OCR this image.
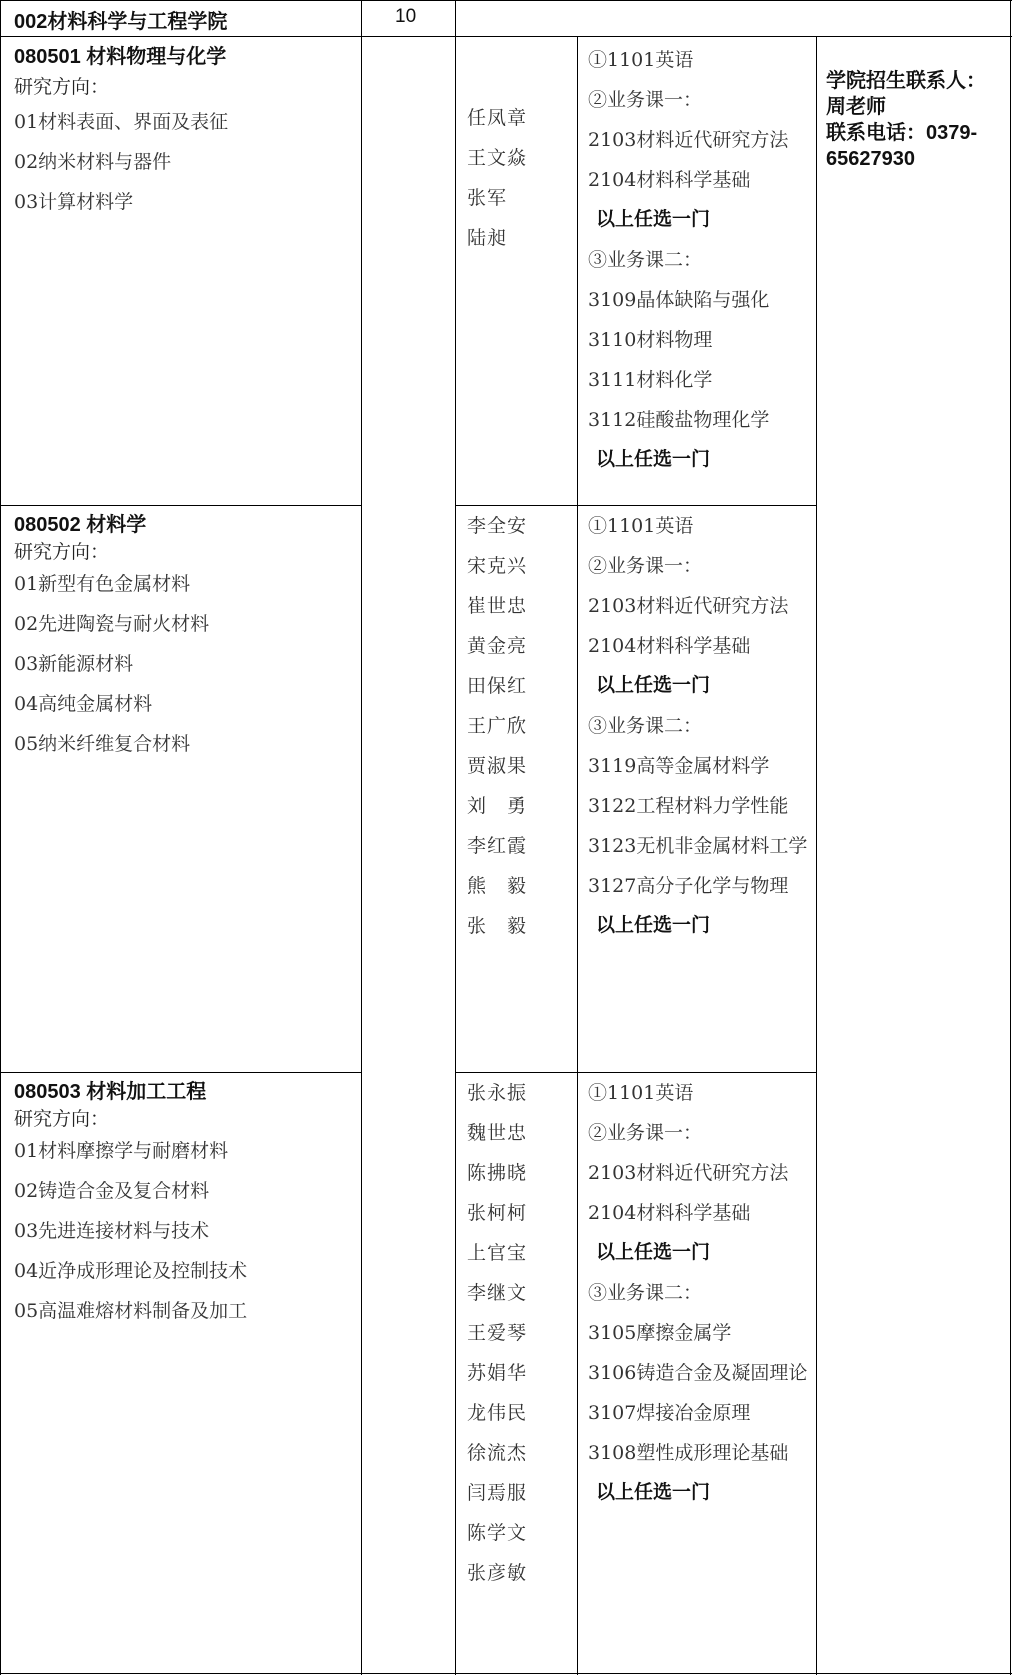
002材料科学与工程学院	10
学院招生联系人：
周老师
联系电话：0379-65627930
080501 材料物理与化学
研究方向：
01材料表面、界面及表征
02纳米材料与器件
03计算材料学
任凤章
王文焱
张军
陆昶
①1101英语
②业务课一：
2103材料近代研究方法
2104材料科学基础
以上任选一门
③业务课二：
3109晶体缺陷与强化
3110材料物理
3111材料化学
3112硅酸盐物理化学
以上任选一门
080502 材料学
研究方向：
01新型有色金属材料
02先进陶瓷与耐火材料
03新能源材料
04高纯金属材料
05纳米纤维复合材料
李全安
宋克兴
崔世忠
黄金亮
田保红
王广欣
贾淑果
刘　勇
李红霞
熊　毅
张　毅
①1101英语
②业务课一：
2103材料近代研究方法
2104材料科学基础
以上任选一门
③业务课二：
3119高等金属材料学
3122工程材料力学性能
3123无机非金属材料工学
3127高分子化学与物理
以上任选一门
080503 材料加工工程
研究方向：
01材料摩擦学与耐磨材料
02铸造合金及复合材料
03先进连接材料与技术
04近净成形理论及控制技术
05高温难熔材料制备及加工
张永振
魏世忠
陈拂晓
张柯柯
上官宝
李继文
王爱琴
苏娟华
龙伟民
徐流杰
闫焉服
陈学文
张彦敏
①1101英语
②业务课一：
2103材料近代研究方法
2104材料科学基础
以上任选一门
③业务课二：
3105摩擦金属学
3106铸造合金及凝固理论
3107焊接冶金原理
3108塑性成形理论基础
以上任选一门
